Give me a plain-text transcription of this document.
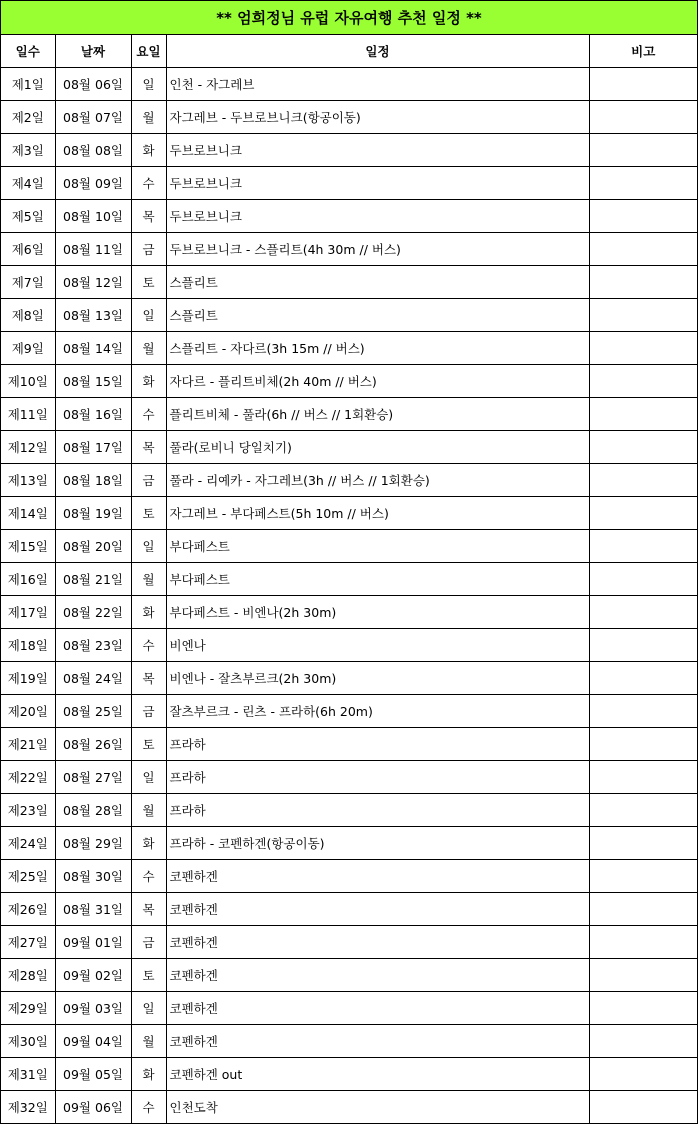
** 엄희정님 유럽 자유여행 추천 일정 **
일수	날짜	요일	일정	비고
제1일	08월 06일	일	인천 - 자그레브	
제2일	08월 07일	월	자그레브 - 두브로브니크(항공이동)	
제3일	08월 08일	화	두브로브니크	
제4일	08월 09일	수	두브로브니크	
제5일	08월 10일	목	두브로브니크	
제6일	08월 11일	금	두브로브니크 - 스플리트(4h 30m // 버스)	
제7일	08월 12일	토	스플리트	
제8일	08월 13일	일	스플리트	
제9일	08월 14일	월	스플리트 - 자다르(3h 15m // 버스)	
제10일	08월 15일	화	자다르 - 플리트비체(2h 40m // 버스)	
제11일	08월 16일	수	플리트비체 - 풀라(6h // 버스 // 1회환승)	
제12일	08월 17일	목	풀라(로비니 당일치기)	
제13일	08월 18일	금	풀라 - 리예카 - 자그레브(3h // 버스 // 1회환승)	
제14일	08월 19일	토	자그레브 - 부다페스트(5h 10m // 버스)	
제15일	08월 20일	일	부다페스트	
제16일	08월 21일	월	부다페스트	
제17일	08월 22일	화	부다페스트 - 비엔나(2h 30m)	
제18일	08월 23일	수	비엔나	
제19일	08월 24일	목	비엔나 - 잘츠부르크(2h 30m)	
제20일	08월 25일	금	잘츠부르크 - 린츠 - 프라하(6h 20m)	
제21일	08월 26일	토	프라하	
제22일	08월 27일	일	프라하	
제23일	08월 28일	월	프라하	
제24일	08월 29일	화	프라하 - 코펜하겐(항공이동)	
제25일	08월 30일	수	코펜하겐	
제26일	08월 31일	목	코펜하겐	
제27일	09월 01일	금	코펜하겐	
제28일	09월 02일	토	코펜하겐	
제29일	09월 03일	일	코펜하겐	
제30일	09월 04일	월	코펜하겐	
제31일	09월 05일	화	코펜하겐 out	
제32일	09월 06일	수	인천도착	
